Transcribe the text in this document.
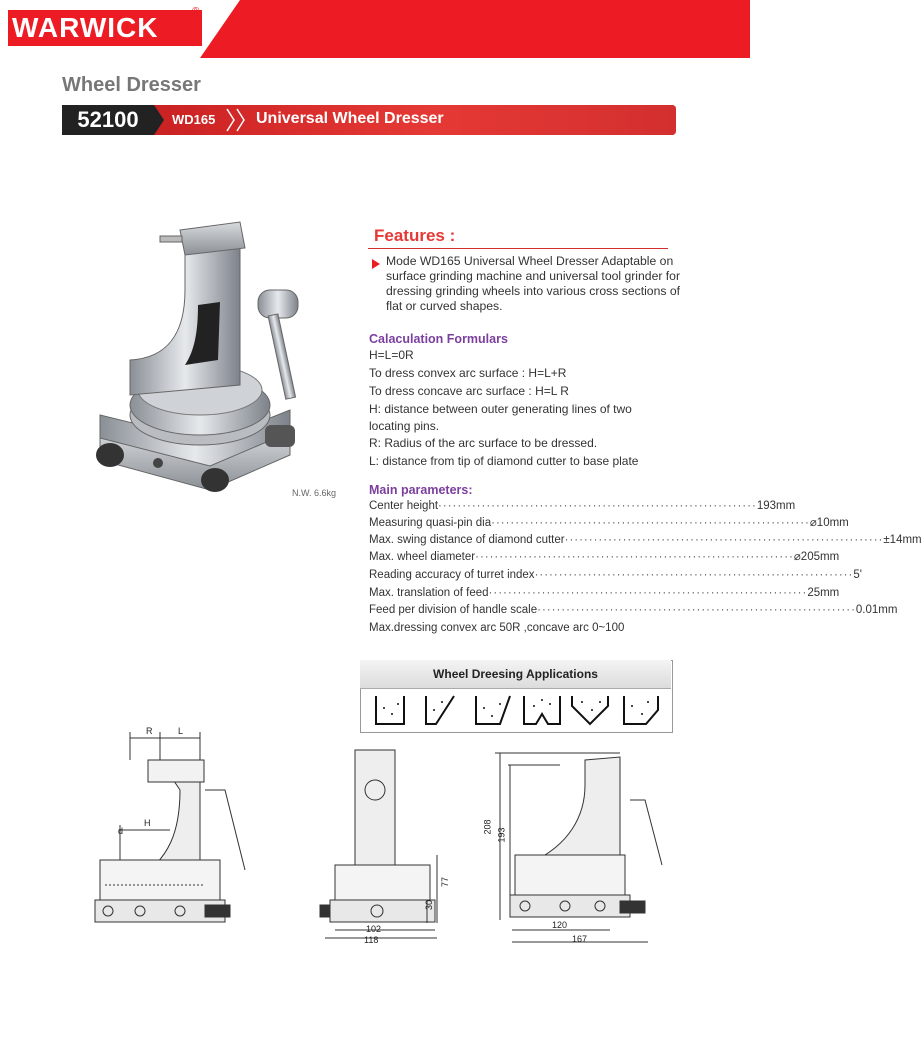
WARWICK
®
Wheel Dresser
52100	WD165	Universal Wheel Dresser
N.W. 6.6kg
Features :
Mode WD165 Universal Wheel Dresser Adaptable on surface grinding machine and universal tool grinder for dressing grinding wheels into various cross sections of flat or curved shapes.
Calaculation Formulars
H=L=0R
To dress convex arc surface : H=L+R
To dress concave arc surface : H=L R
H: distance between outer generating lines of two
locating pins.
R: Radius of the arc surface to be dressed.
L: distance from tip of diamond cutter to base plate
Main parameters:
Center height ·································································· 193mm
Measuring quasi-pin dia ·································································· ⌀10mm
Max. swing distance of diamond cutter ·································································· ±14mm
Max. wheel diameter ·································································· ⌀205mm
Reading accuracy of turret index ·································································· 5'
Max. translation of feed ·································································· 25mm
Feed per division of handle scale ·································································· 0.01mm
Max.dressing convex arc 50R ,concave arc 0~100
Wheel Dreesing Applications
R	L
H
d
77
30
102
118
208
193
120
167
